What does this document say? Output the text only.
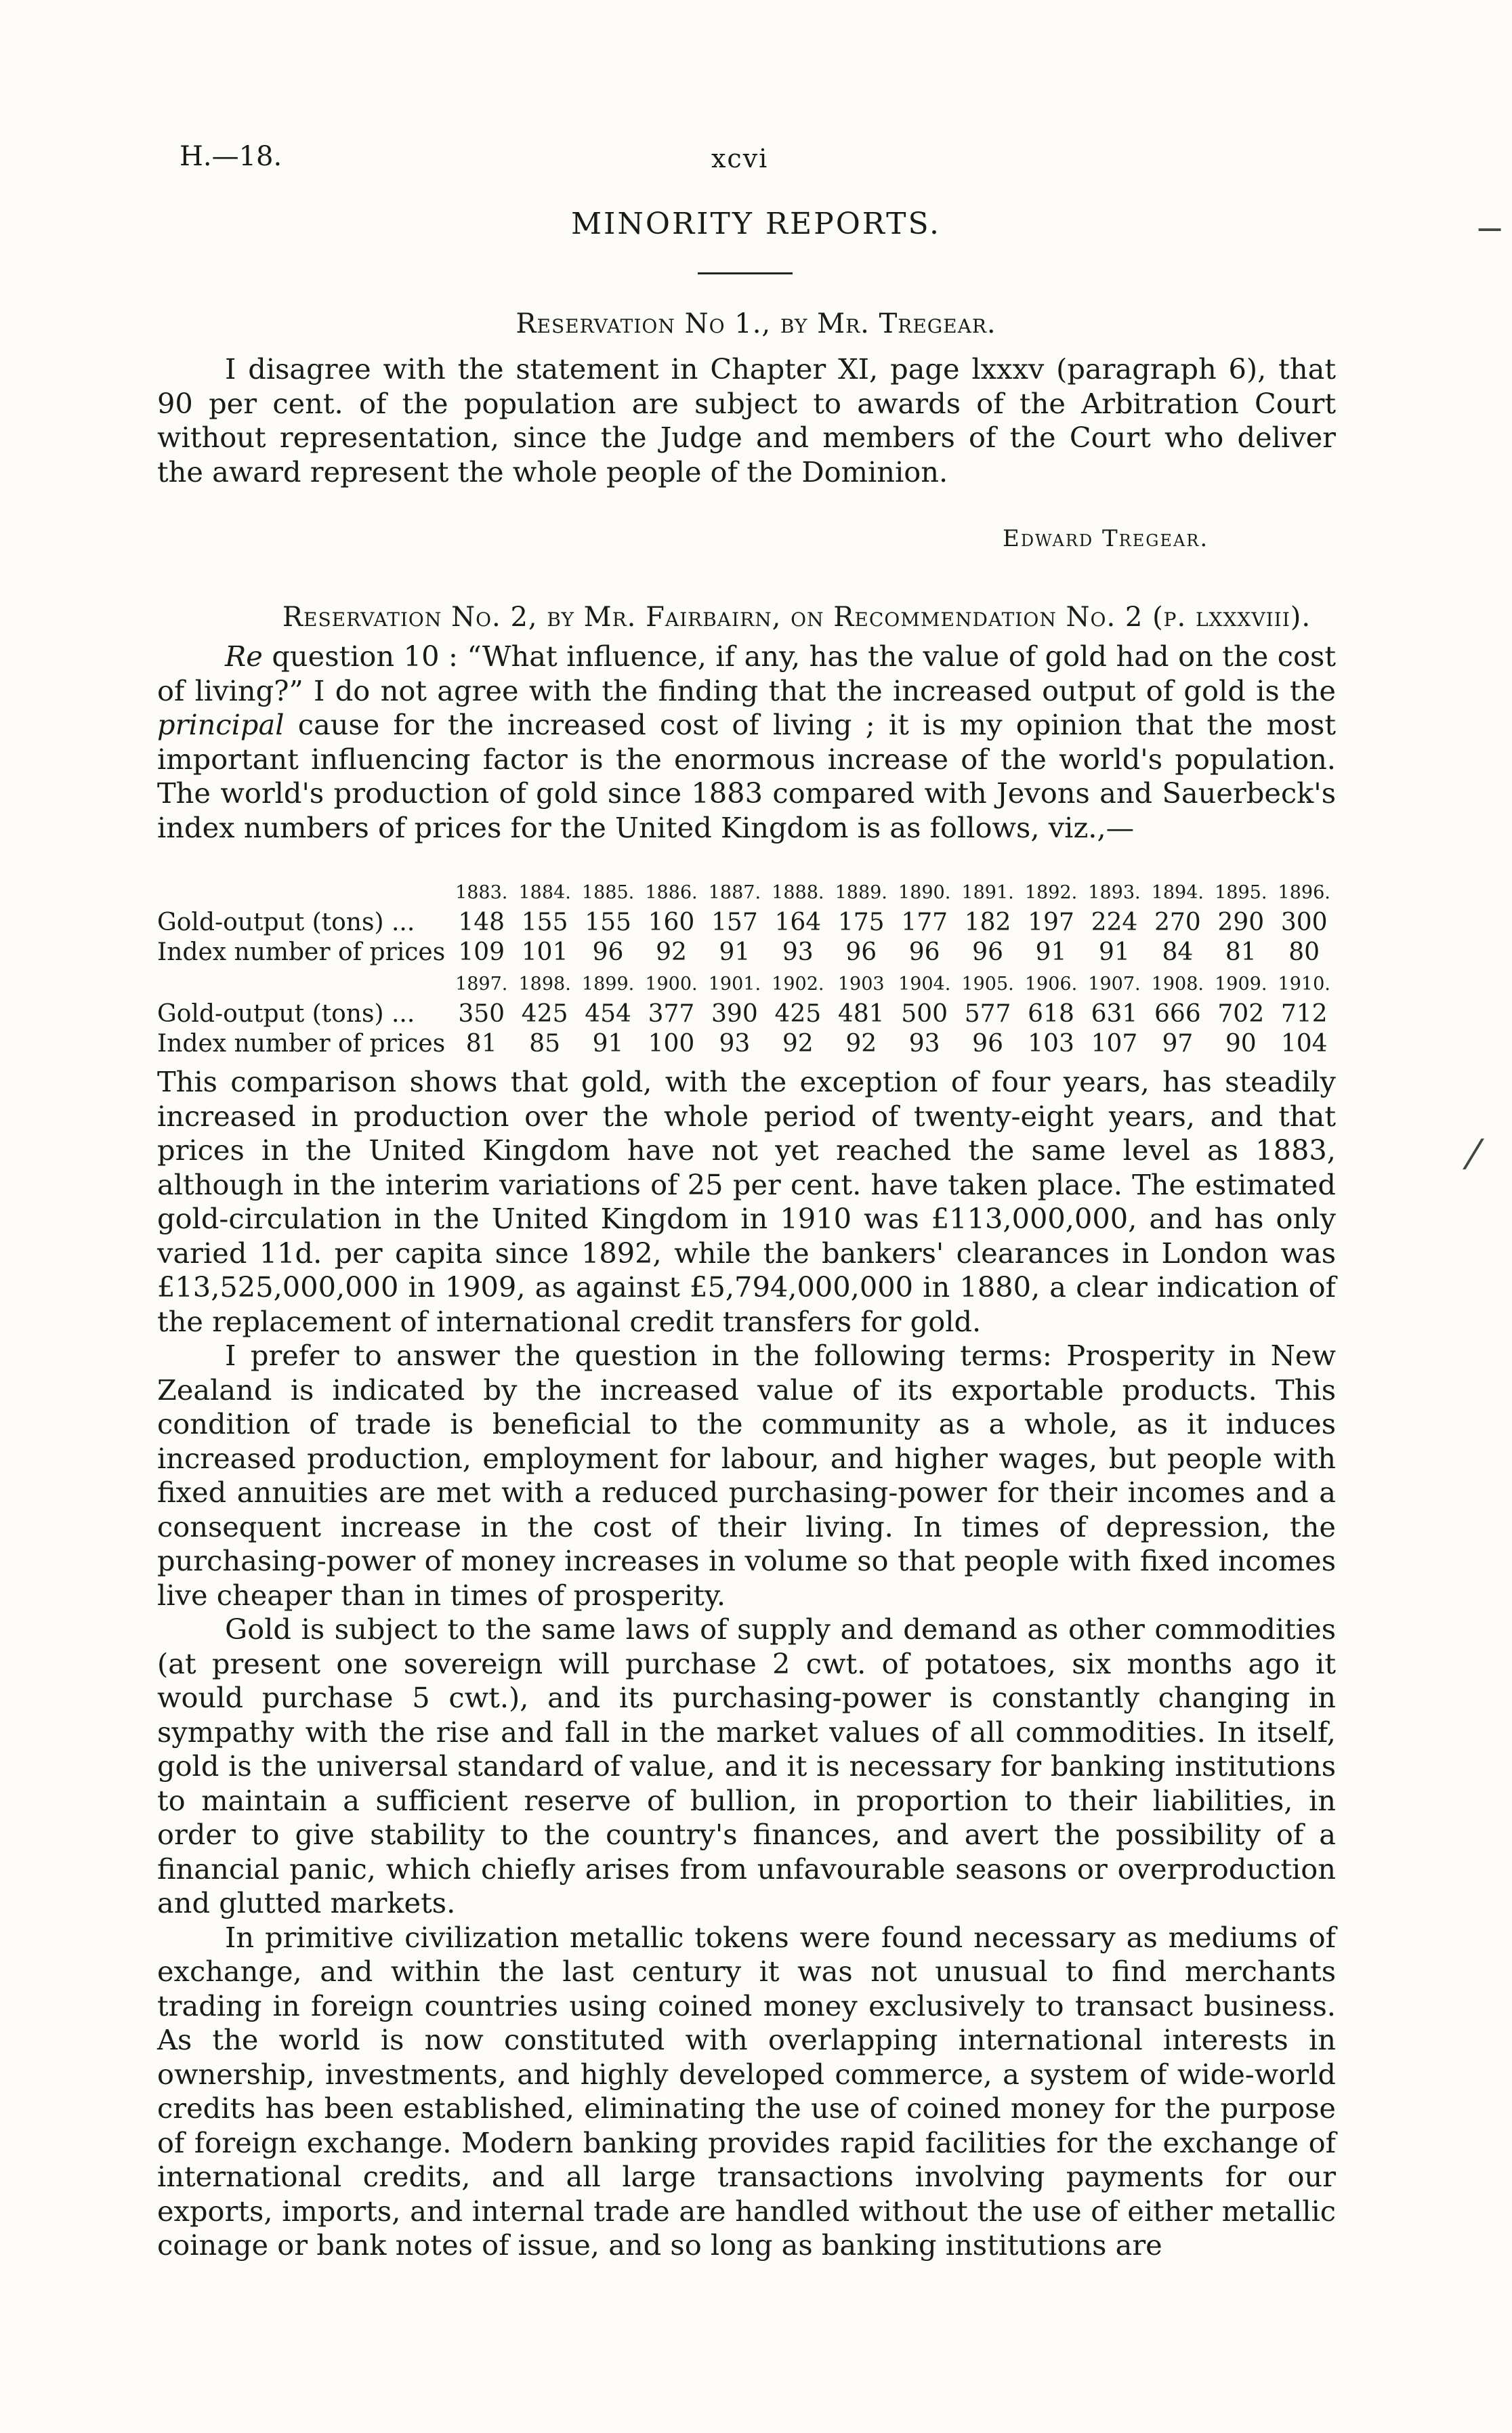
H.—18.	xcvi
MINORITY REPORTS.
Reservation No 1., by Mr. Tregear.

I disagree with the statement in Chapter XI, page lxxxv (paragraph 6), that 90 per cent. of the population are subject to awards of the Arbitration Court without representation, since the Judge and members of the Court who deliver the award represent the whole people of the Dominion.

Edward Tregear.
Reservation No. 2, by Mr. Fairbairn, on Recommendation No. 2 (p. lxxxviii).

Re question 10 : “What influence, if any, has the value of gold had on the cost of living?” I do not agree with the finding that the increased output of gold is the principal cause for the increased cost of living ; it is my opinion that the most important influencing factor is the enormous increase of the world's population. The world's production of gold since 1883 compared with Jevons and Sauerbeck's index numbers of prices for the United Kingdom is as follows, viz.,—

1883. 1884. 1885. 1886. 1887. 1888. 1889. 1890. 1891. 1892. 1893. 1894. 1895. 1896.
Gold-output (tons) ...	148 155 155 160 157 164 175 177 182 197 224 270 290 300
Index number of prices 109 101	96	92	91	93	96	96	96	91	91	84	81	80
1897. 1898. 1899. 1900. 1901. 1902. 1903 1904. 1905. 1906. 1907. 1908. 1909. 1910.
Gold-output (tons) ...	350 425 454 377 390 425 481 500 577 618 631 666 702 712
Index number of prices 81	85	91	100	93	92	92	93	96	103 107	97	90	104

This comparison shows that gold, with the exception of four years, has steadily increased in production over the whole period of twenty-eight years, and that prices in the United Kingdom have not yet reached the same level as 1883, although in the interim variations of 25 per cent. have taken place. The estimated gold-circulation in the United Kingdom in 1910 was £113,000,000, and has only varied 11d. per capita since 1892, while the bankers' clearances in London was £13,525,000,000 in 1909, as against £5,794,000,000 in 1880, a clear indication of the replacement of international credit transfers for gold.

I prefer to answer the question in the following terms: Prosperity in New Zealand is indicated by the increased value of its exportable products. This condition of trade is beneficial to the community as a whole, as it induces increased production, employment for labour, and higher wages, but people with fixed annuities are met with a reduced purchasing-power for their incomes and a consequent increase in the cost of their living. In times of depression, the purchasing-power of money increases in volume so that people with fixed incomes live cheaper than in times of prosperity.

Gold is subject to the same laws of supply and demand as other commodities (at present one sovereign will purchase 2 cwt. of potatoes, six months ago it would purchase 5 cwt.), and its purchasing-power is constantly changing in sympathy with the rise and fall in the market values of all commodities. In itself, gold is the universal standard of value, and it is necessary for banking institutions to maintain a sufficient reserve of bullion, in proportion to their liabilities, in order to give stability to the country's finances, and avert the possibility of a financial panic, which chiefly arises from unfavourable seasons or overproduction and glutted markets.

In primitive civilization metallic tokens were found necessary as mediums of exchange, and within the last century it was not unusual to find merchants trading in foreign countries using coined money exclusively to transact business. As the world is now constituted with overlapping international interests in ownership, investments, and highly developed commerce, a system of wide-world credits has been established, eliminating the use of coined money for the purpose of foreign exchange. Modern banking provides rapid facilities for the exchange of international credits, and all large transactions involving payments for our exports, imports, and internal trade are handled without the use of either metallic coinage or bank notes of issue, and so long as banking institutions are

‒
⁄
